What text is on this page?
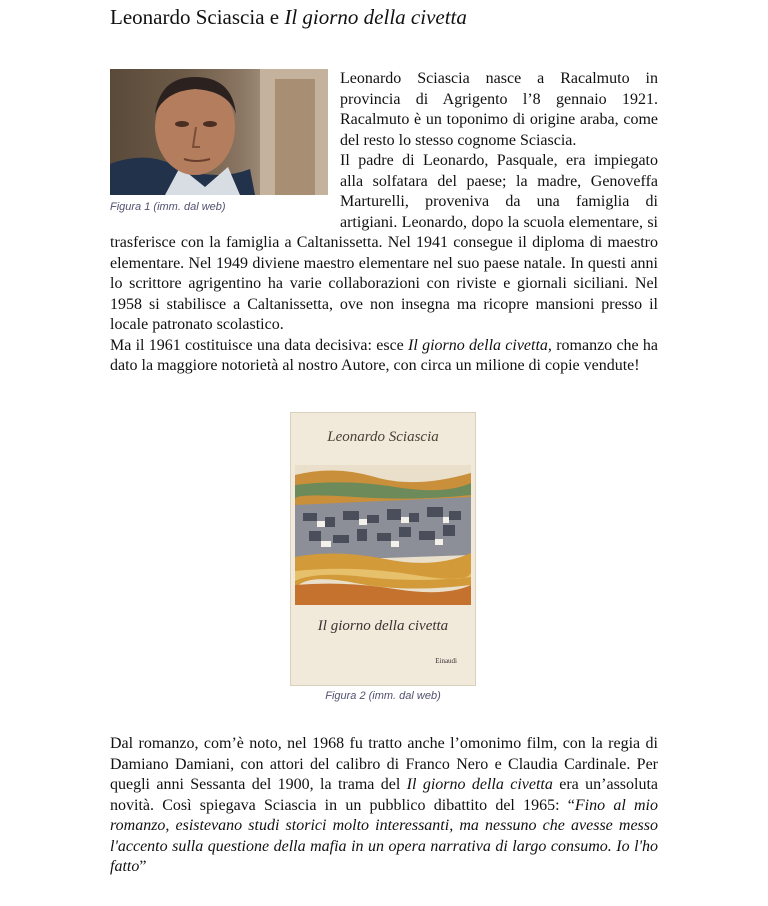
Leonardo Sciascia e Il giorno della civetta
Figura 1 (imm. dal web)

Leonardo Sciascia nasce a Racalmuto in provincia di Agrigento l’8 gennaio 1921. Racalmuto è un toponimo di origine araba, come del resto lo stesso cognome Sciascia.

Il padre di Leonardo, Pasquale, era impiegato alla solfatara del paese; la madre, Genoveffa Marturelli, proveniva da una famiglia di artigiani. Leonardo, dopo la scuola elementare, si trasferisce con la famiglia a Caltanissetta. Nel 1941 consegue il diploma di maestro elementare. Nel 1949 diviene maestro elementare nel suo paese natale. In questi anni lo scrittore agrigentino ha varie collaborazioni con riviste e giornali siciliani. Nel 1958 si stabilisce a Caltanissetta, ove non insegna ma ricopre mansioni presso il locale patronato scolastico.

Ma il 1961 costituisce una data decisiva: esce Il giorno della civetta, romanzo che ha dato la maggiore notorietà al nostro Autore, con circa un milione di copie vendute!

Leonardo Sciascia
Il giorno della civetta
Einaudi
Figura 2 (imm. dal web)

Dal romanzo, com’è noto, nel 1968 fu tratto anche l’omonimo film, con la regia di Damiano Damiani, con attori del calibro di Franco Nero e Claudia Cardinale. Per quegli anni Sessanta del 1900, la trama del Il giorno della civetta era un’assoluta novità. Così spiegava Sciascia in un pubblico dibattito del 1965: “Fino al mio romanzo, esistevano studi storici molto interessanti, ma nessuno che avesse messo l'accento sulla questione della mafia in un opera narrativa di largo consumo. Io l'ho fatto”
